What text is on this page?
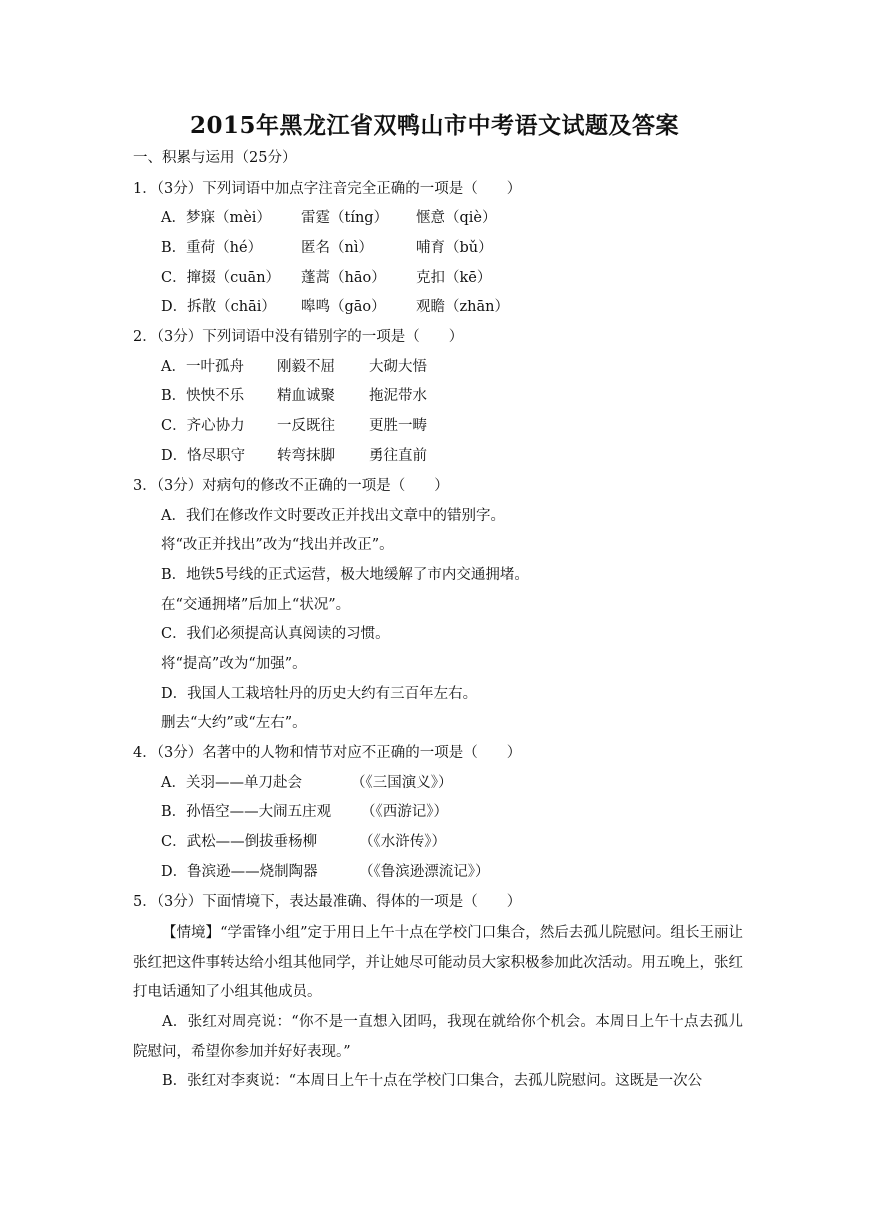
2015年黑龙江省双鸭山市中考语文试题及答案
一、积累与运用（25分）
1．（3分）下列词语中加点字注音完全正确的一项是（　　）
A．梦寐（mèi） 雷霆（tíng） 惬意（qiè）
B．重荷（hé）	匿名（nì）	哺育（bǔ）
C．撺掇（cuān） 蓬蒿（hāo） 克扣（kē）
D．拆散（chāi） 嗥鸣（gāo） 观瞻（zhān）
2．（3分）下列词语中没有错别字的一项是（　　）
A．一叶孤舟 刚毅不屈 大砌大悟
B．怏怏不乐 精血诚聚 拖泥带水
C．齐心协力 一反既往 更胜一畴
D．恪尽职守 转弯抹脚 勇往直前
3．（3分）对病句的修改不正确的一项是（　　）
A．我们在修改作文时要改正并找出文章中的错别字。
将“改正并找出”改为“找出并改正”。
B．地铁5号线的正式运营，极大地缓解了市内交通拥堵。
在“交通拥堵”后加上“状况”。
C．我们必须提高认真阅读的习惯。
将“提高”改为“加强”。
D．我国人工栽培牡丹的历史大约有三百年左右。
删去“大约”或“左右”。
4．（3分）名著中的人物和情节对应不正确的一项是（　　）
A．关羽——单刀赴会	（《三国演义》）
B．孙悟空——大闹五庄观 （《西游记》）
C．武松——倒拔垂杨柳	（《水浒传》）
D．鲁滨逊——烧制陶器	（《鲁滨逊漂流记》）
5．（3分）下面情境下，表达最准确、得体的一项是（　　）
【情境】“学雷锋小组”定于用日上午十点在学校门口集合，然后去孤儿院慰问。组长王丽让张红把这件事转达给小组其他同学，并让她尽可能动员大家积极参加此次活动。用五晚上，张红打电话通知了小组其他成员。
A．张红对周亮说：“你不是一直想入团吗，我现在就给你个机会。本周日上午十点去孤儿院慰问，希望你参加并好好表现。”
B．张红对李爽说：“本周日上午十点在学校门口集合，去孤儿院慰问。这既是一次公
